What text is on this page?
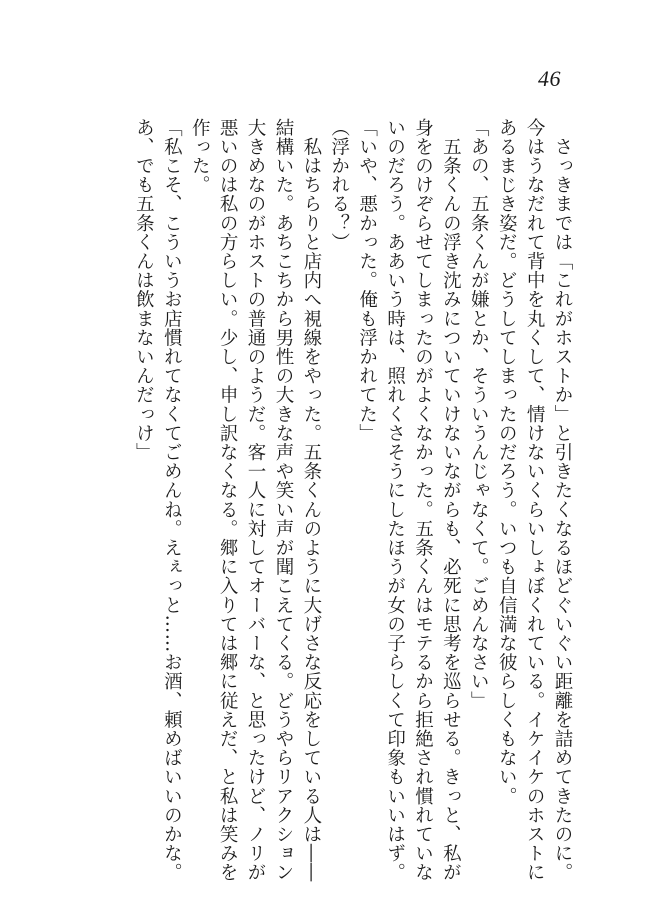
46
　さっきまでは「これがホストか」と引きたくなるほどぐいぐい距離を詰めてきたのに。
今はうなだれて背中を丸くして、情けないくらいしょぼくれている。イケイケのホストに
あるまじき姿だ。どうしてしまったのだろう。いつも自信満な彼らしくもない。
「あの、五条くんが嫌とか、そういうんじゃなくて。ごめんなさい」
　五条くんの浮き沈みについていけないながらも、必死に思考を巡らせる。きっと、私が
身をのけぞらせてしまったのがよくなかった。五条くんはモテるから拒絶され慣れていな
いのだろう。ああいう時は、照れくさそうにしたほうが女の子らしくて印象もいいはず。
「いや、悪かった。俺も浮かれてた」
（浮かれる？）
　私はちらりと店内へ視線をやった。五条くんのように大げさな反応をしている人は――
結構いた。あちこちから男性の大きな声や笑い声が聞こえてくる。どうやらリアクション
大きめなのがホストの普通のようだ。客一人に対してオーバーな、と思ったけど、ノリが
悪いのは私の方らしい。少し、申し訳なくなる。郷に入りては郷に従えだ、と私は笑みを
作った。
「私こそ、こういうお店慣れてなくてごめんね。えぇっと……お酒、頼めばいいのかな。
あ、でも五条くんは飲まないんだっけ」
